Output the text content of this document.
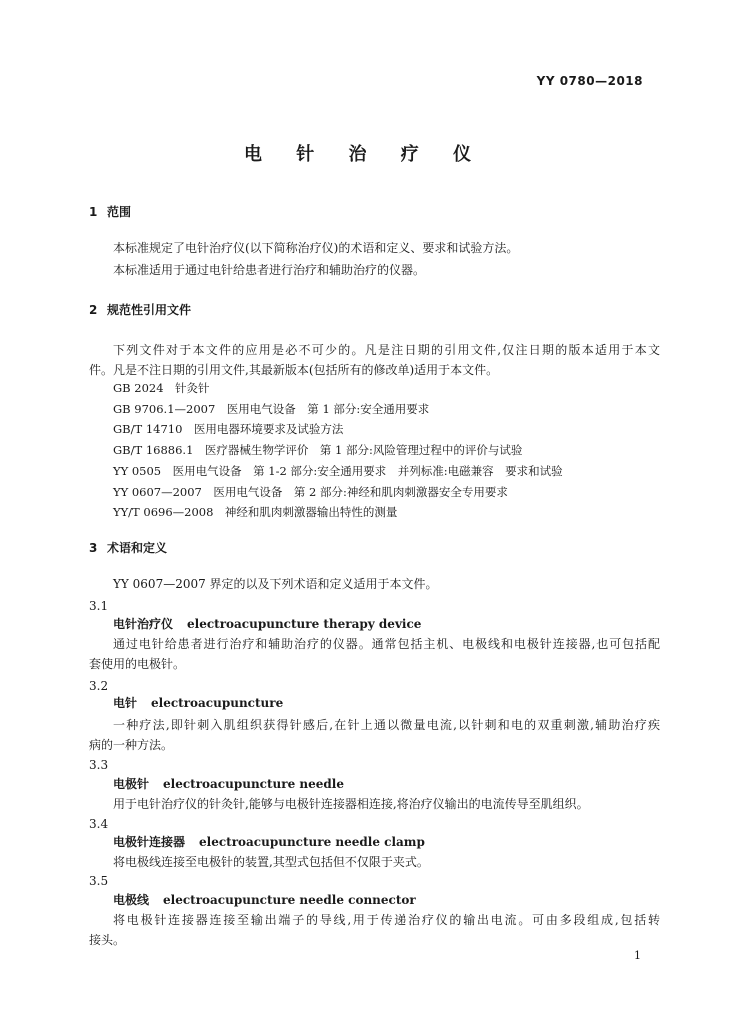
YY 0780—2018
电 针 治 疗 仪
1 范围
本标准规定了电针治疗仪(以下简称治疗仪)的术语和定义、要求和试验方法。
本标准适用于通过电针给患者进行治疗和辅助治疗的仪器。
2 规范性引用文件
下列文件对于本文件的应用是必不可少的。凡是注日期的引用文件,仅注日期的版本适用于本文
件。凡是不注日期的引用文件,其最新版本(包括所有的修改单)适用于本文件。
GB 2024　针灸针
GB 9706.1—2007　医用电气设备　第 1 部分:安全通用要求
GB/T 14710　医用电器环境要求及试验方法
GB/T 16886.1　医疗器械生物学评价　第 1 部分:风险管理过程中的评价与试验
YY 0505　医用电气设备　第 1-2 部分:安全通用要求　并列标准:电磁兼容　要求和试验
YY 0607—2007　医用电气设备　第 2 部分:神经和肌肉刺激器安全专用要求
YY/T 0696—2008　神经和肌肉刺激器输出特性的测量
3 术语和定义
YY 0607—2007 界定的以及下列术语和定义适用于本文件。
3.1
电针治疗仪 electroacupuncture therapy device
通过电针给患者进行治疗和辅助治疗的仪器。通常包括主机、电极线和电极针连接器,也可包括配
套使用的电极针。
3.2
电针 electroacupuncture
一种疗法,即针刺入肌组织获得针感后,在针上通以微量电流,以针刺和电的双重刺激,辅助治疗疾
病的一种方法。
3.3
电极针 electroacupuncture needle
用于电针治疗仪的针灸针,能够与电极针连接器相连接,将治疗仪输出的电流传导至肌组织。
3.4
电极针连接器 electroacupuncture needle clamp
将电极线连接至电极针的装置,其型式包括但不仅限于夹式。
3.5
电极线 electroacupuncture needle connector
将电极针连接器连接至输出端子的导线,用于传递治疗仪的输出电流。可由多段组成,包括转
接头。
1
